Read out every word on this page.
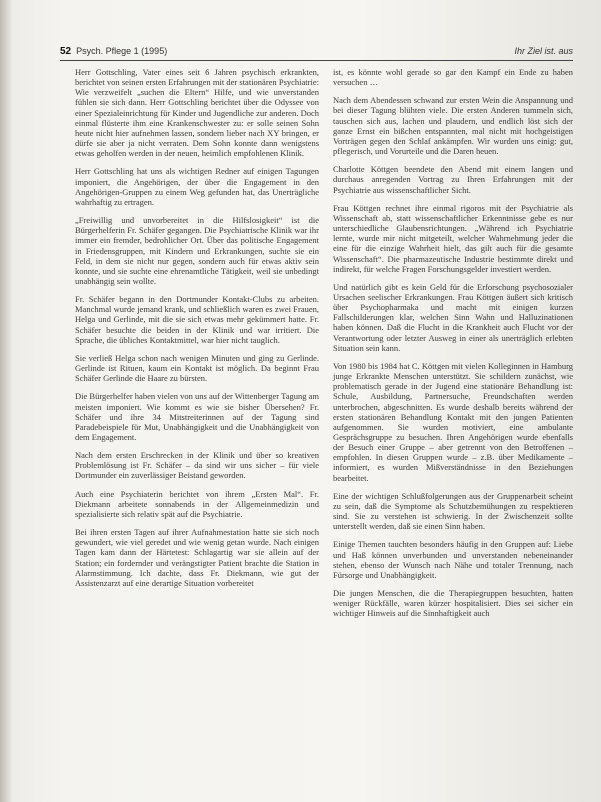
52 Psych. Pflege 1 (1995)	Ihr Ziel ist. aus

Herr Gottschling, Vater eines seit 6 Jahren psychisch erkrankten, berichtet von seinen ersten Erfahrungen mit der stationären Psychiatrie: Wie verzweifelt „suchen die Eltern“ Hilfe, und wie unverstanden fühlen sie sich dann. Herr Gottschling berichtet über die Odyssee von einer Spezialeinrichtung für Kinder und Jugendliche zur anderen. Doch einmal flüsterte ihm eine Krankenschwester zu: er solle seinen Sohn heute nicht hier aufnehmen lassen, sondern lieber nach XY bringen, er dürfe sie aber ja nicht verraten. Dem Sohn konnte dann wenigstens etwas geholfen werden in der neuen, heimlich empfohlenen Klinik.

Herr Gottschling hat uns als wichtigen Redner auf einigen Tagungen imponiert, die Angehörigen, der über die Engagement in den Angehörigen-Gruppen zu einem Weg gefunden hat, das Unerträgliche wahrhaftig zu ertragen.

„Freiwillig und unvorbereitet in die Hilfslosigkeit“ ist die Bürgerhelferin Fr. Schäfer gegangen. Die Psychiatrische Klinik war ihr immer ein fremder, bedrohlicher Ort. Über das politische Engagement in Friedensgruppen, mit Kindern und Erkrankungen, suchte sie ein Feld, in dem sie nicht nur gegen, sondern auch für etwas aktiv sein konnte, und sie suchte eine ehrenamtliche Tätigkeit, weil sie unbedingt unabhängig sein wollte.

Fr. Schäfer begann in den Dortmunder Kontakt-Clubs zu arbeiten. Manchmal wurde jemand krank, und schließlich waren es zwei Frauen, Helga und Gerlinde, mit die sie sich etwas mehr gekümmert hatte. Fr. Schäfer besuchte die beiden in der Klinik und war irritiert. Die Sprache, die übliches Kontaktmittel, war hier nicht tauglich.

Sie verließ Helga schon nach wenigen Minuten und ging zu Gerlinde. Gerlinde ist Rituen, kaum ein Kontakt ist möglich. Da beginnt Frau Schäfer Gerlinde die Haare zu bürsten.

Die Bürgerhelfer haben vielen von uns auf der Wittenberger Tagung am meisten imponiert. Wie kommt es wie sie bisher Übersehen? Fr. Schäfer und ihre 34 Mitstreiterinnen auf der Tagung sind Paradebeispiele für Mut, Unabhängigkeit und die Unabhängigkeit von dem Engagement.

Nach dem ersten Erschrecken in der Klinik und über so kreativen Problemlösung ist Fr. Schäfer – da sind wir uns sicher – für viele Dortmunder ein zuverlässiger Beistand geworden.

Auch eine Psychiaterin berichtet von ihrem „Ersten Mal“. Fr. Diekmann arbeitete sonnabends in der Allgemeinmedizin und spezialisierte sich relativ spät auf die Psychiatrie.

Bei ihren ersten Tagen auf ihrer Aufnahmestation hatte sie sich noch gewundert, wie viel geredet und wie wenig getan wurde. Nach einigen Tagen kam dann der Härtetest: Schlagartig war sie allein auf der Station; ein fordernder und verängstigter Patient brachte die Station in Alarmstimmung. Ich dachte, dass Fr. Diekmann, wie gut der Assistenzarzt auf eine derartige Situation vorbereitet

ist, es könnte wohl gerade so gar den Kampf ein Ende zu haben versuchen …

Nach dem Abendessen schwand zur ersten Wein die Anspannung und bei dieser Tagung blühten viele. Die ersten Anderen tummeln sich, tauschen sich aus, lachen und plaudern, und endlich löst sich der ganze Ernst ein bißchen entspannten, mal nicht mit hochgeistigen Vorträgen gegen den Schlaf ankämpfen. Wir wurden uns einig: gut, pflegerisch, und Vorurteile und die Daren heuen.

Charlotte Köttgen beendete den Abend mit einem langen und durchaus anregenden Vortrag zu Ihren Erfahrungen mit der Psychiatrie aus wissenschaftlicher Sicht.

Frau Köttgen rechnet ihre einmal rigoros mit der Psychiatrie als Wissenschaft ab, statt wissenschaftlicher Erkenntnisse gebe es nur unterschiedliche Glaubensrichtungen. „Während ich Psychiatrie lernte, wurde mir nicht mitgeteilt, welcher Wahrnehmung jeder die eine für die einzige Wahrheit hielt, das gilt auch für die gesamte Wissenschaft“. Die pharmazeutische Industrie bestimmte direkt und indirekt, für welche Fragen Forschungsgelder investiert werden.

Und natürlich gibt es kein Geld für die Erforschung psychosozialer Ursachen seelischer Erkrankungen. Frau Köttgen äußert sich kritisch über Psychopharmaka und macht mit einigen kurzen Fallschilderungen klar, welchen Sinn Wahn und Halluzinationen haben können. Daß die Flucht in die Krankheit auch Flucht vor der Verantwortung oder letzter Ausweg in einer als unerträglich erlebten Situation sein kann.

Von 1980 bis 1984 hat C. Köttgen mit vielen Kolleginnen in Hamburg junge Erkrankte Menschen unterstützt. Sie schildern zunächst, wie problematisch gerade in der Jugend eine stationäre Behandlung ist: Schule, Ausbildung, Partnersuche, Freundschaften werden unterbrochen, abgeschnitten. Es wurde deshalb bereits während der ersten stationären Behandlung Kontakt mit den jungen Patienten aufgenommen. Sie wurden motiviert, eine ambulante Gesprächsgruppe zu besuchen. Ihren Angehörigen wurde ebenfalls der Besuch einer Gruppe – aber getrennt von den Betroffenen – empfohlen. In diesen Gruppen wurde – z.B. über Medikamente – informiert, es wurden Mißverständnisse in den Beziehungen bearbeitet.

Eine der wichtigen Schlußfolgerungen aus der Gruppenarbeit scheint zu sein, daß die Symptome als Schutzbemühungen zu respektieren sind. Sie zu verstehen ist schwierig. In der Zwischenzeit sollte unterstellt werden, daß sie einen Sinn haben.

Einige Themen tauchten besonders häufig in den Gruppen auf: Liebe und Haß können unverbunden und unverstanden nebeneinander stehen, ebenso der Wunsch nach Nähe und totaler Trennung, nach Fürsorge und Unabhängigkeit.

Die jungen Menschen, die die Therapiegruppen besuchten, hatten weniger Rückfälle, waren kürzer hospitalisiert. Dies sei sicher ein wichtiger Hinweis auf die Sinnhaftigkeit auch
